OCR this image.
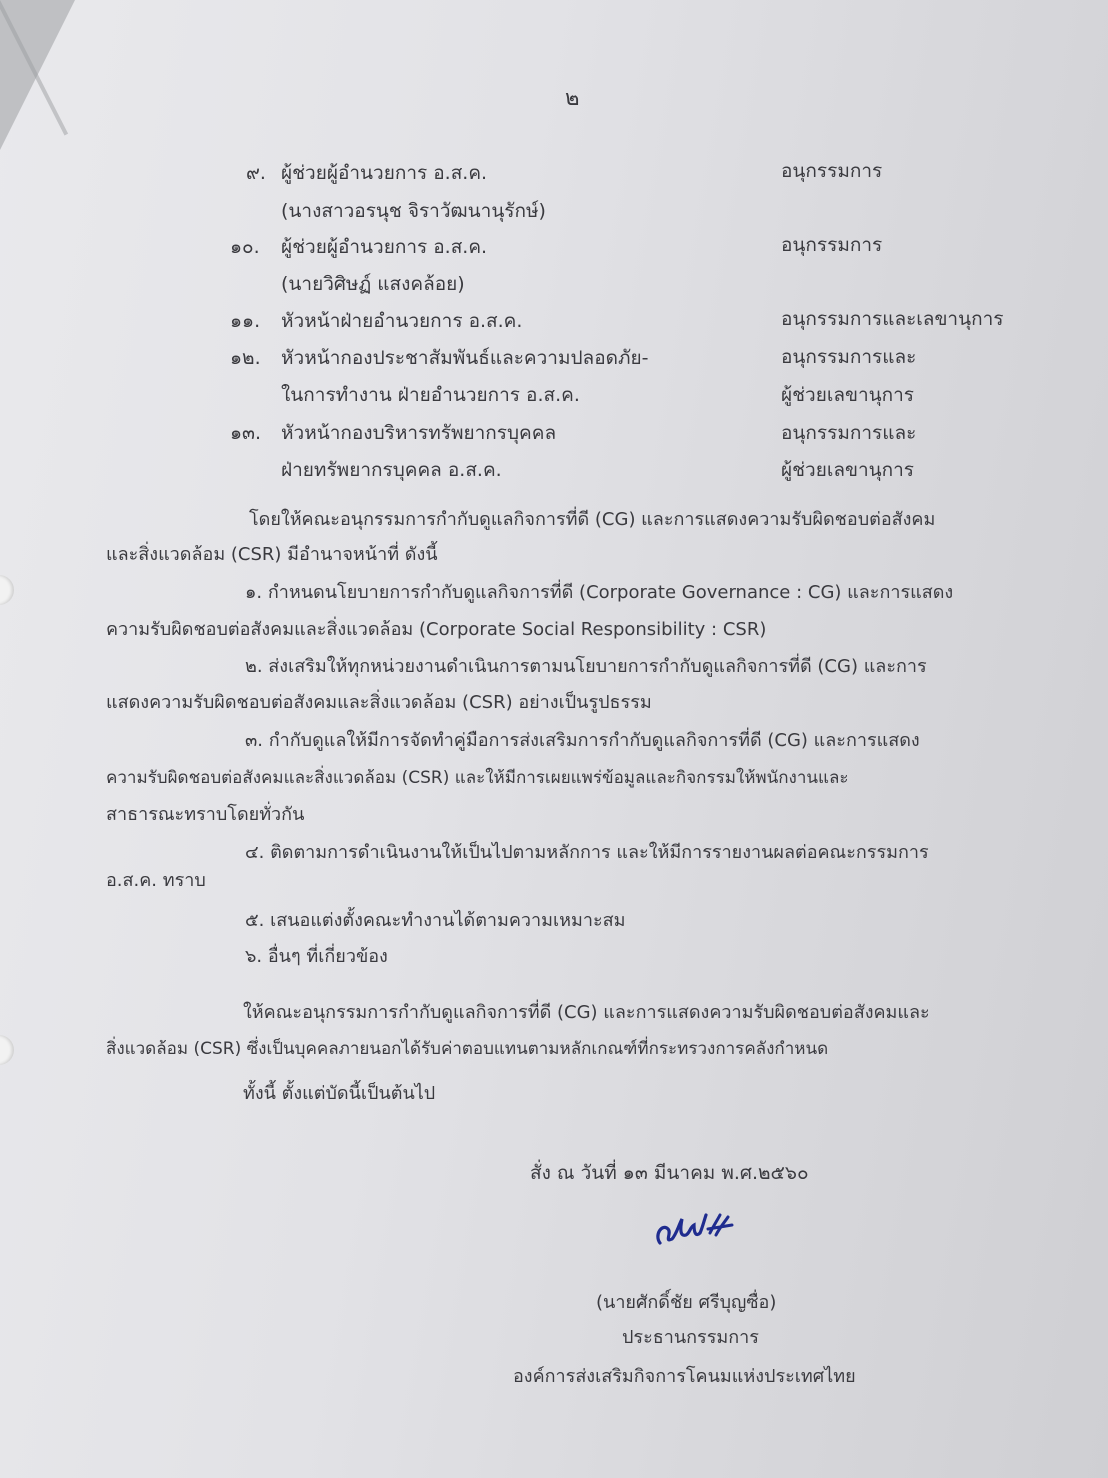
๒
๙. ผู้ช่วยผู้อำนวยการ อ.ส.ค.	อนุกรรมการ
(นางสาวอรนุช จิราวัฒนานุรักษ์)
๑๐. ผู้ช่วยผู้อำนวยการ อ.ส.ค.	อนุกรรมการ
(นายวิศิษฏ์ แสงคล้อย)
๑๑. หัวหน้าฝ่ายอำนวยการ อ.ส.ค.	อนุกรรมการและเลขานุการ
๑๒. หัวหน้ากองประชาสัมพันธ์และความปลอดภัย-	อนุกรรมการและ
ในการทำงาน ฝ่ายอำนวยการ อ.ส.ค.	ผู้ช่วยเลขานุการ
๑๓. หัวหน้ากองบริหารทรัพยากรบุคคล	อนุกรรมการและ
ฝ่ายทรัพยากรบุคคล อ.ส.ค.	ผู้ช่วยเลขานุการ
โดยให้คณะอนุกรรมการกำกับดูแลกิจการที่ดี (CG) และการแสดงความรับผิดชอบต่อสังคม
และสิ่งแวดล้อม (CSR) มีอำนาจหน้าที่ ดังนี้
๑. กำหนดนโยบายการกำกับดูแลกิจการที่ดี (Corporate Governance : CG) และการแสดง
ความรับผิดชอบต่อสังคมและสิ่งแวดล้อม (Corporate Social Responsibility : CSR)
๒. ส่งเสริมให้ทุกหน่วยงานดำเนินการตามนโยบายการกำกับดูแลกิจการที่ดี (CG) และการ
แสดงความรับผิดชอบต่อสังคมและสิ่งแวดล้อม (CSR) อย่างเป็นรูปธรรม
๓. กำกับดูแลให้มีการจัดทำคู่มือการส่งเสริมการกำกับดูแลกิจการที่ดี (CG) และการแสดง
ความรับผิดชอบต่อสังคมและสิ่งแวดล้อม (CSR) และให้มีการเผยแพร่ข้อมูลและกิจกรรมให้พนักงานและ
สาธารณะทราบโดยทั่วกัน
๔. ติดตามการดำเนินงานให้เป็นไปตามหลักการ และให้มีการรายงานผลต่อคณะกรรมการ
อ.ส.ค. ทราบ
๕. เสนอแต่งตั้งคณะทำงานได้ตามความเหมาะสม
๖. อื่นๆ ที่เกี่ยวข้อง
ให้คณะอนุกรรมการกำกับดูแลกิจการที่ดี (CG) และการแสดงความรับผิดชอบต่อสังคมและ
สิ่งแวดล้อม (CSR) ซึ่งเป็นบุคคลภายนอกได้รับค่าตอบแทนตามหลักเกณฑ์ที่กระทรวงการคลังกำหนด
ทั้งนี้ ตั้งแต่บัดนี้เป็นต้นไป
สั่ง ณ วันที่ ๑๓ มีนาคม พ.ศ.๒๕๖๐
(นายศักดิ์ชัย ศรีบุญซื่อ)
ประธานกรรมการ
องค์การส่งเสริมกิจการโคนมแห่งประเทศไทย
